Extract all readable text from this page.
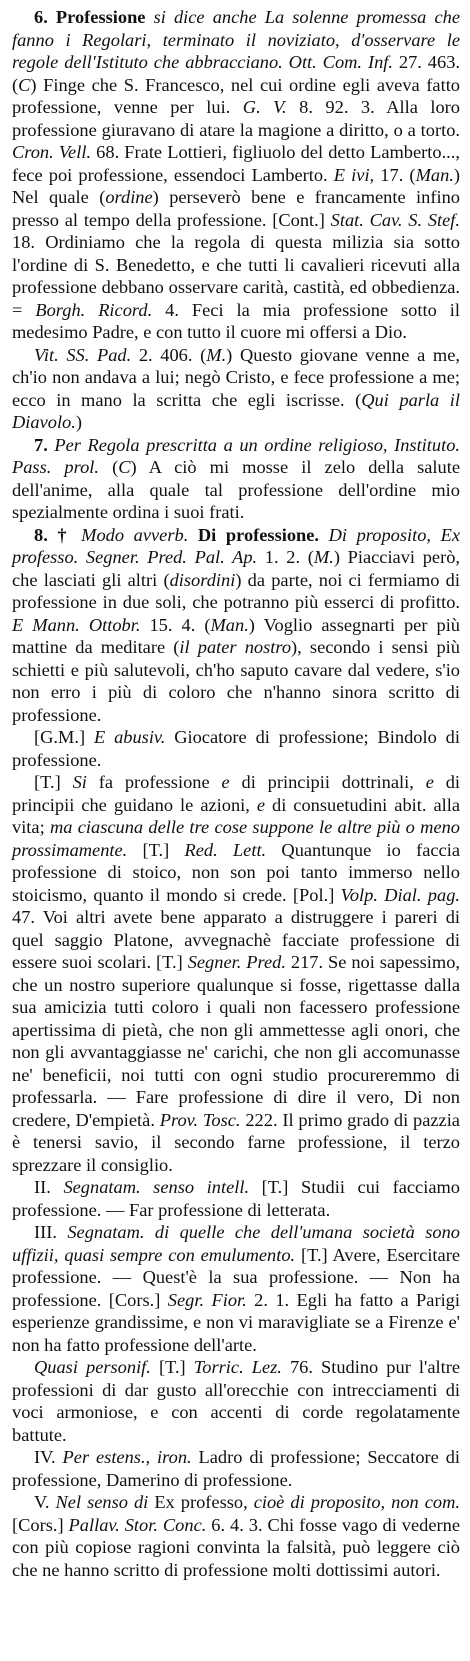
6. Professione si dice anche La solenne promessa che fanno i Regolari, terminato il noviziato, d'osservare le regole dell'Istituto che abbracciano. Ott. Com. Inf. 27. 463. (C) Finge che S. Francesco, nel cui ordine egli aveva fatto professione, venne per lui. G. V. 8. 92. 3. Alla loro professione giuravano di atare la magione a diritto, o a torto. Cron. Vell. 68. Frate Lottieri, figliuolo del detto Lamberto..., fece poi professione, essendoci Lamberto. E ivi, 17. (Man.) Nel quale (ordine) perseverò bene e francamente infino presso al tempo della professione. [Cont.] Stat. Cav. S. Stef. 18. Ordiniamo che la regola di questa milizia sia sotto l'ordine di S. Benedetto, e che tutti li cavalieri ricevuti alla professione debbano osservare carità, castità, ed obbedienza. = Borgh. Ricord. 4. Feci la mia professione sotto il medesimo Padre, e con tutto il cuore mi offersi a Dio.

Vit. SS. Pad. 2. 406. (M.) Questo giovane venne a me, ch'io non andava a lui; negò Cristo, e fece professione a me; ecco in mano la scritta che egli iscrisse. (Qui parla il Diavolo.)

7. Per Regola prescritta a un ordine religioso, Instituto. Pass. prol. (C) A ciò mi mosse il zelo della salute dell'anime, alla quale tal professione dell'ordine mio spezialmente ordina i suoi frati.

8. † Modo avverb. Di professione. Di proposito, Ex professo. Segner. Pred. Pal. Ap. 1. 2. (M.) Piacciavi però, che lasciati gli altri (disordini) da parte, noi ci fermiamo di professione in due soli, che potranno più esserci di profitto. E Mann. Ottobr. 15. 4. (Man.) Voglio assegnarti per più mattine da meditare (il pater nostro), secondo i sensi più schietti e più salutevoli, ch'ho saputo cavare dal vedere, s'io non erro i più di coloro che n'hanno sinora scritto di professione.

[G.M.] E abusiv. Giocatore di professione; Bindolo di professione.

[T.] Si fa professione e di principii dottrinali, e di principii che guidano le azioni, e di consuetudini abit. alla vita; ma ciascuna delle tre cose suppone le altre più o meno prossimamente. [T.] Red. Lett. Quantunque io faccia professione di stoico, non son poi tanto immerso nello stoicismo, quanto il mondo si crede. [Pol.] Volp. Dial. pag. 47. Voi altri avete bene apparato a distruggere i pareri di quel saggio Platone, avvegnachè facciate professione di essere suoi scolari. [T.] Segner. Pred. 217. Se noi sapessimo, che un nostro superiore qualunque si fosse, rigettasse dalla sua amicizia tutti coloro i quali non facessero professione apertissima di pietà, che non gli ammettesse agli onori, che non gli avvantaggiasse ne' carichi, che non gli accomunasse ne' beneficii, noi tutti con ogni studio procureremmo di professarla. — Fare professione di dire il vero, Di non credere, D'empietà. Prov. Tosc. 222. Il primo grado di pazzia è tenersi savio, il secondo farne professione, il terzo sprezzare il consiglio.

II. Segnatam. senso intell. [T.] Studii cui facciamo professione. — Far professione di letterata.

III. Segnatam. di quelle che dell'umana società sono uffizii, quasi sempre con emulumento. [T.] Avere, Esercitare professione. — Quest'è la sua professione. — Non ha professione. [Cors.] Segr. Fior. 2. 1. Egli ha fatto a Parigi esperienze grandissime, e non vi maravigliate se a Firenze e' non ha fatto professione dell'arte.

Quasi personif. [T.] Torric. Lez. 76. Studino pur l'altre professioni di dar gusto all'orecchie con intrecciamenti di voci armoniose, e con accenti di corde regolatamente battute.

IV. Per estens., iron. Ladro di professione; Seccatore di professione, Damerino di professione.

V. Nel senso di Ex professo, cioè di proposito, non com. [Cors.] Pallav. Stor. Conc. 6. 4. 3. Chi fosse vago di vederne con più copiose ragioni convinta la falsità, può leggere ciò che ne hanno scritto di professione molti dottissimi autori.
